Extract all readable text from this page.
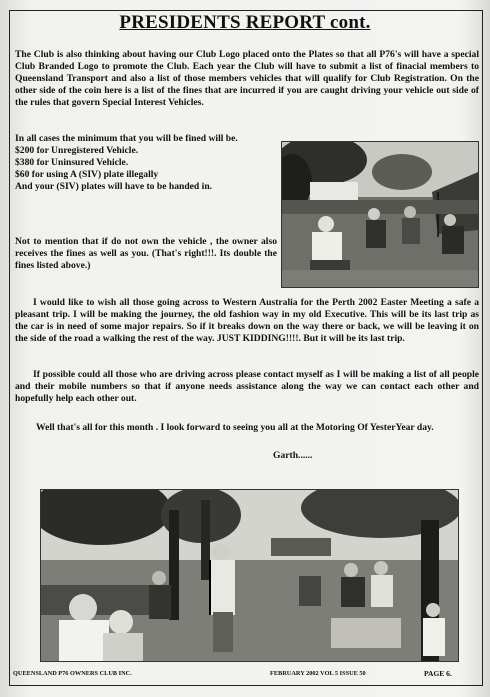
PRESIDENTS REPORT cont.
The Club is also thinking about having our Club Logo placed onto the Plates so that all P76's will have a special Club Branded Logo to promote the Club. Each year the Club will have to submit a list of finacial members to Queensland Transport and also a list of those members vehicles that will qualify for Club Registration. On the other side of the coin here is a list of the fines that are incurred if you are caught driving your vehicle out side of the rules that govern Special Interest Vehicles.

In all cases the minimum that you will be fined will be.

$200 for Unregistered Vehicle.

$380 for Uninsured Vehicle.

$60 for using A (SIV) plate illegally

And your (SIV) plates will have to be handed in.

Not to mention that if do not own the vehicle , the owner also receives the fines as well as you. (That's right!!!. Its double the fines listed above.)
I would like to wish all those going across to Western Australia for the Perth 2002 Easter Meeting a safe a pleasant trip. I will be making the journey, the old fashion way in my old Executive. This will be its last trip as the car is in need of some major repairs. So if it breaks down on the way there or back, we will be leaving it on the side of the road a walking the rest of the way. JUST KIDDING!!!!. But it will be its last trip.
If possible could all those who are driving across please contact myself as I will be making a list of all people and their mobile numbers so that if anyone needs assistance along the way we can contact each other and hopefully help each other out.
Well that's all for this month . I look forward to seeing you all at the Motoring Of YesterYear day.
Garth......
QUEENSLAND P76 OWNERS CLUB INC.	FEBRUARY 2002 VOL 5 ISSUE 50	PAGE 6.
